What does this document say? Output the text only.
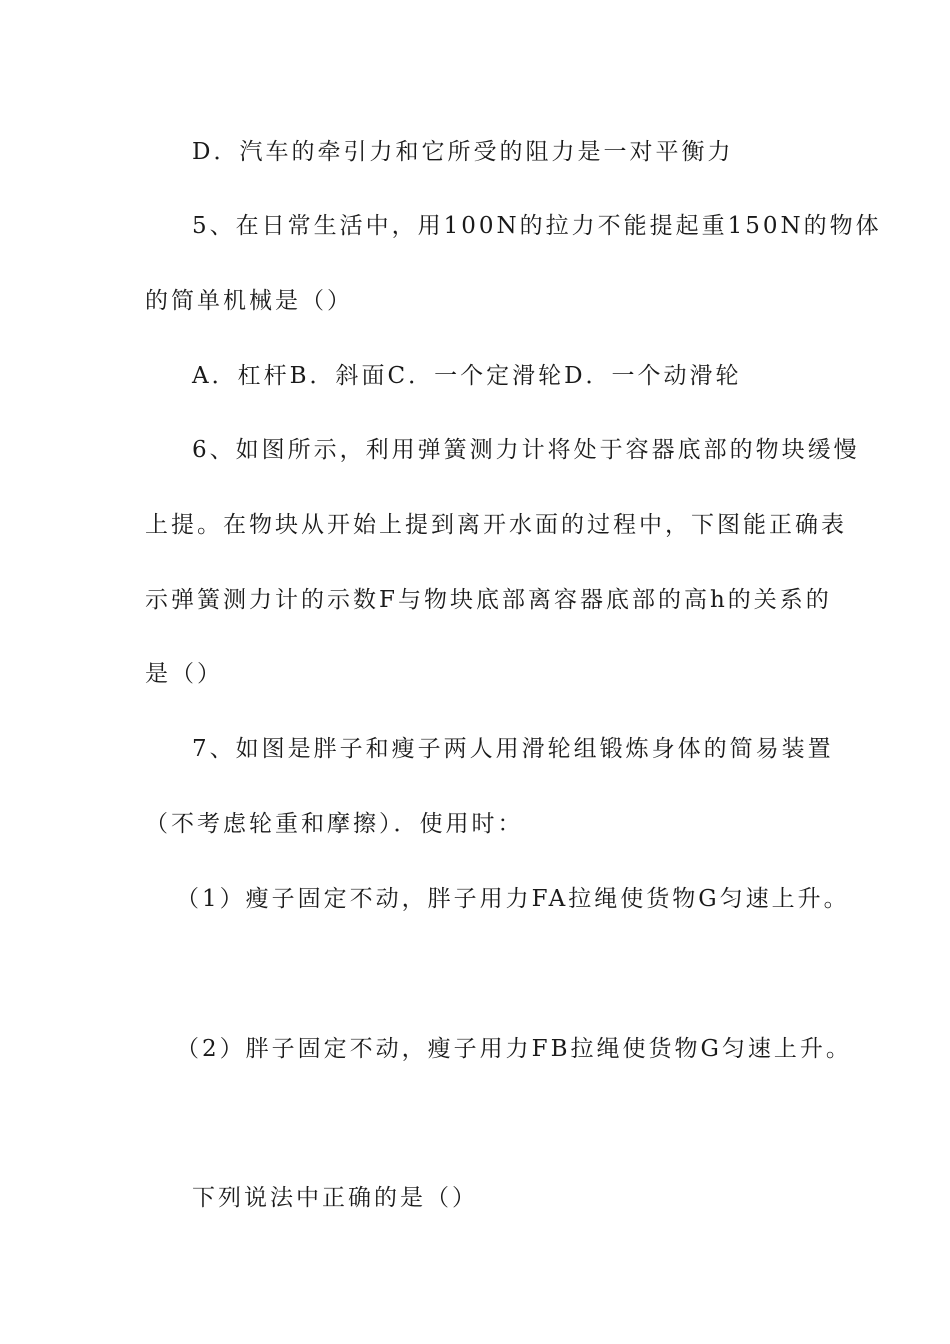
D．汽车的牵引力和它所受的阻力是一对平衡力
5、在日常生活中，用100N的拉力不能提起重150N的物体
的简单机械是（）
A．杠杆B．斜面C．一个定滑轮D．一个动滑轮
6、如图所示，利用弹簧测力计将处于容器底部的物块缓慢
上提。在物块从开始上提到离开水面的过程中，下图能正确表
示弹簧测力计的示数F与物块底部离容器底部的高h的关系的
是（）
7、如图是胖子和瘦子两人用滑轮组锻炼身体的简易装置
（不考虑轮重和摩擦）．使用时：
（1）瘦子固定不动，胖子用力FA拉绳使货物G匀速上升。
（2）胖子固定不动，瘦子用力FB拉绳使货物G匀速上升。
下列说法中正确的是（）
